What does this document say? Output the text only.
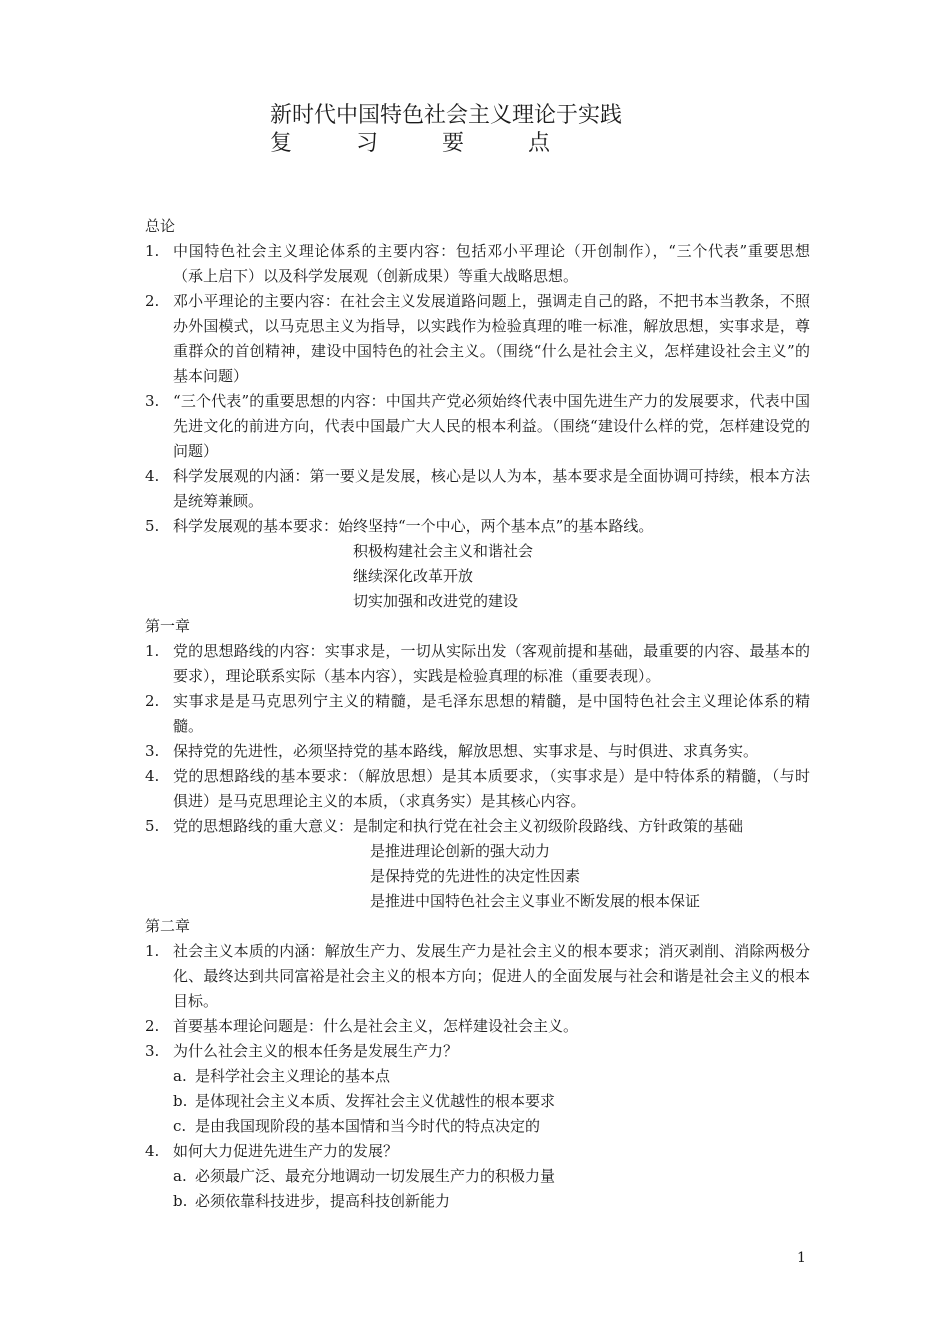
新时代中国特色社会主义理论于实践
复	习	要	点
总论
1. 中国特色社会主义理论体系的主要内容：包括邓小平理论（开创制作），“三个代表”重要思想（承上启下）以及科学发展观（创新成果）等重大战略思想。
2. 邓小平理论的主要内容：在社会主义发展道路问题上，强调走自己的路，不把书本当教条，不照办外国模式，以马克思主义为指导，以实践作为检验真理的唯一标准，解放思想，实事求是，尊重群众的首创精神，建设中国特色的社会主义。（围绕“什么是社会主义，怎样建设社会主义”的基本问题）
3. “三个代表”的重要思想的内容：中国共产党必须始终代表中国先进生产力的发展要求，代表中国先进文化的前进方向，代表中国最广大人民的根本利益。（围绕“建设什么样的党，怎样建设党的问题）
4. 科学发展观的内涵：第一要义是发展，核心是以人为本，基本要求是全面协调可持续，根本方法是统筹兼顾。
5. 科学发展观的基本要求：始终坚持“一个中心，两个基本点”的基本路线。
积极构建社会主义和谐社会
继续深化改革开放
切实加强和改进党的建设
第一章
1. 党的思想路线的内容：实事求是，一切从实际出发（客观前提和基础，最重要的内容、最基本的要求），理论联系实际（基本内容），实践是检验真理的标准（重要表现）。
2. 实事求是是马克思列宁主义的精髓，是毛泽东思想的精髓，是中国特色社会主义理论体系的精髓。
3. 保持党的先进性，必须坚持党的基本路线，解放思想、实事求是、与时俱进、求真务实。
4. 党的思想路线的基本要求：（解放思想）是其本质要求，（实事求是）是中特体系的精髓，（与时俱进）是马克思理论主义的本质，（求真务实）是其核心内容。
5. 党的思想路线的重大意义：是制定和执行党在社会主义初级阶段路线、方针政策的基础
是推进理论创新的强大动力
是保持党的先进性的决定性因素
是推进中国特色社会主义事业不断发展的根本保证
第二章
1. 社会主义本质的内涵：解放生产力、发展生产力是社会主义的根本要求；消灭剥削、消除两极分化、最终达到共同富裕是社会主义的根本方向；促进人的全面发展与社会和谐是社会主义的根本目标。
2. 首要基本理论问题是：什么是社会主义，怎样建设社会主义。
3. 为什么社会主义的根本任务是发展生产力？
a. 是科学社会主义理论的基本点
b. 是体现社会主义本质、发挥社会主义优越性的根本要求
c. 是由我国现阶段的基本国情和当今时代的特点决定的
4. 如何大力促进先进生产力的发展？
a. 必须最广泛、最充分地调动一切发展生产力的积极力量
b. 必须依靠科技进步，提高科技创新能力
1
